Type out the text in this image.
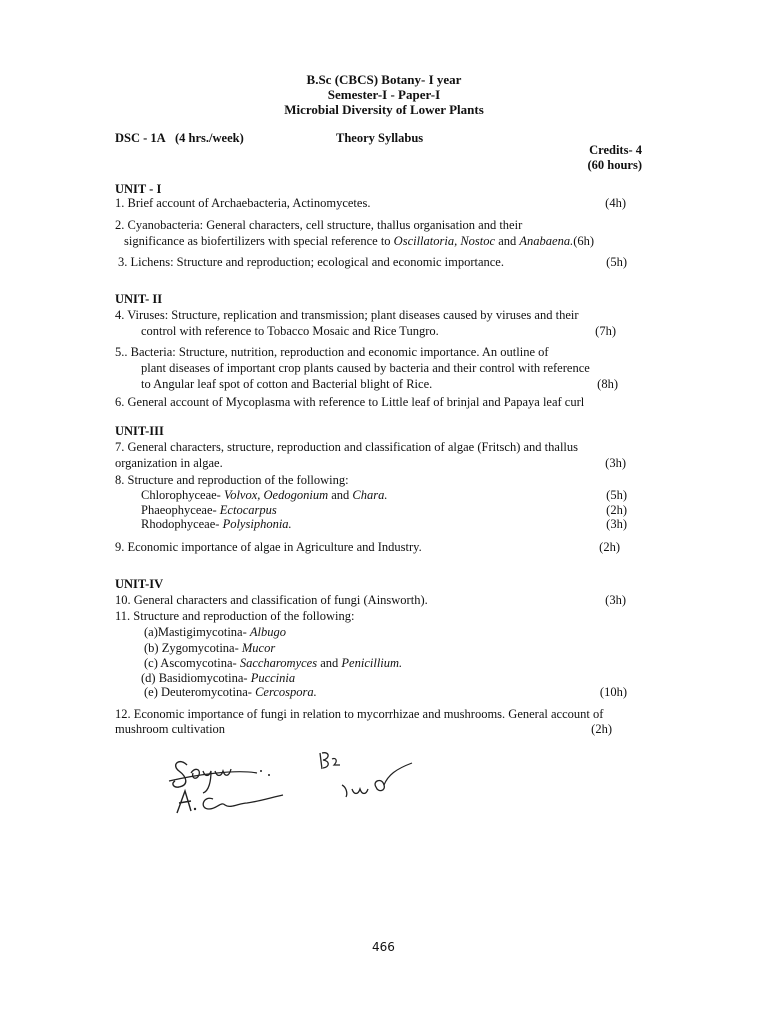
B.Sc (CBCS) Botany- I year
Semester-I - Paper-I
Microbial Diversity of Lower Plants
DSC - 1A (4 hrs./week)	Theory Syllabus
Credits- 4
(60 hours)
UNIT - I
1. Brief account of Archaebacteria, Actinomycetes.	(4h)
2. Cyanobacteria: General characters, cell structure, thallus organisation and their
significance as biofertilizers with special reference to Oscillatoria, Nostoc and Anabaena.(6h)
3. Lichens: Structure and reproduction; ecological and economic importance.	(5h)
UNIT- II
4. Viruses: Structure, replication and transmission; plant diseases caused by viruses and their
control with reference to Tobacco Mosaic and Rice Tungro.	(7h)
5.. Bacteria: Structure, nutrition, reproduction and economic importance. An outline of
plant diseases of important crop plants caused by bacteria and their control with reference
to Angular leaf spot of cotton and Bacterial blight of Rice.	(8h)
6. General account of Mycoplasma with reference to Little leaf of brinjal and Papaya leaf curl
UNIT-III
7. General characters, structure, reproduction and classification of algae (Fritsch) and thallus
organization in algae.	(3h)
8. Structure and reproduction of the following:
Chlorophyceae- Volvox, Oedogonium and Chara.	(5h)
Phaeophyceae- Ectocarpus	(2h)
Rhodophyceae- Polysiphonia.	(3h)
9. Economic importance of algae in Agriculture and Industry.	(2h)
UNIT-IV
10. General characters and classification of fungi (Ainsworth).	(3h)
11. Structure and reproduction of the following:
(a)Mastigimycotina- Albugo
(b) Zygomycotina- Mucor
(c) Ascomycotina- Saccharomyces and Penicillium.
(d) Basidiomycotina- Puccinia
(e) Deuteromycotina- Cercospora.	(10h)
12. Economic importance of fungi in relation to mycorrhizae and mushrooms. General account of
mushroom cultivation	(2h)
466
